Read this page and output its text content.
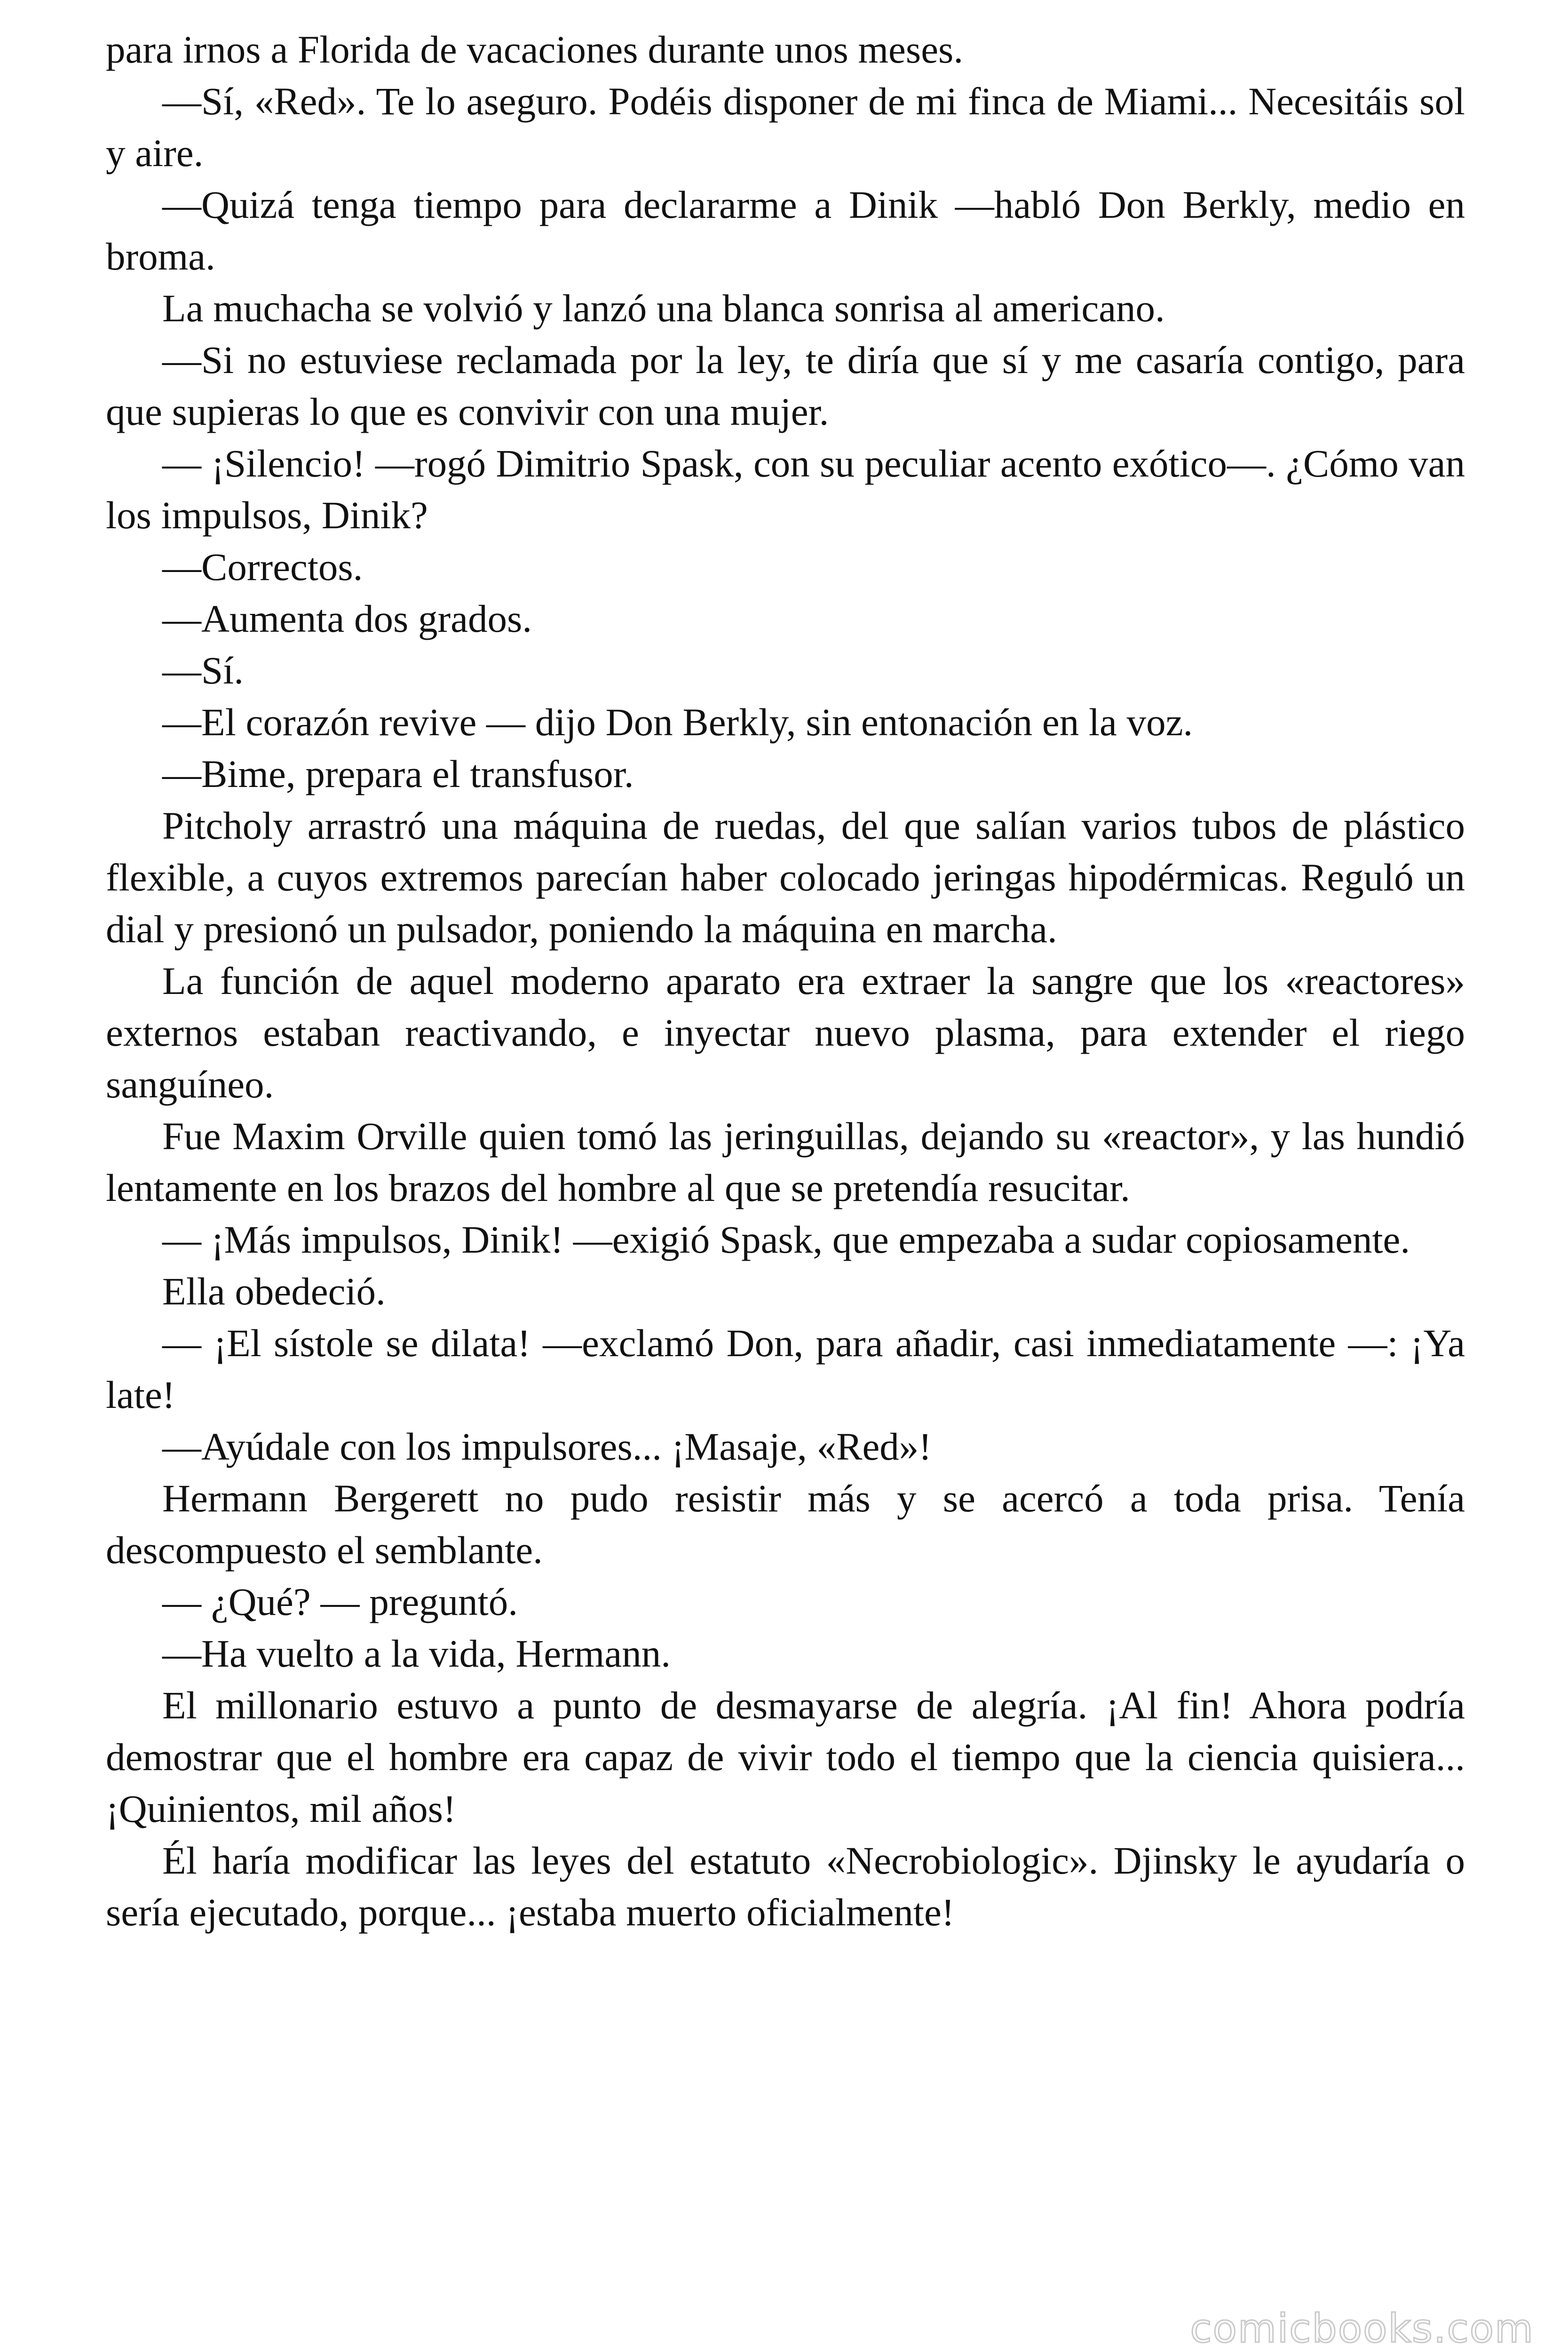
para irnos a Florida de vacaciones durante unos meses.

—Sí, «Red». Te lo aseguro. Podéis disponer de mi finca de Miami... Necesitáis sol y aire.

—Quizá tenga tiempo para declararme a Dinik —habló Don Berkly, medio en broma.

La muchacha se volvió y lanzó una blanca sonrisa al americano.

—Si no estuviese reclamada por la ley, te diría que sí y me casaría contigo, para que supieras lo que es convivir con una mujer.

— ¡Silencio! —rogó Dimitrio Spask, con su peculiar acento exótico—. ¿Cómo van los impulsos, Dinik?

—Correctos.

—Aumenta dos grados.

—Sí.

—El corazón revive — dijo Don Berkly, sin entonación en la voz.

—Bime, prepara el transfusor.

Pitcholy arrastró una máquina de ruedas, del que salían varios tubos de plástico flexible, a cuyos extremos parecían haber colocado jeringas hipodérmicas. Reguló un dial y presionó un pulsador, poniendo la máquina en marcha.

La función de aquel moderno aparato era extraer la sangre que los «reactores» externos estaban reactivando, e inyectar nuevo plasma, para extender el riego sanguíneo.

Fue Maxim Orville quien tomó las jeringuillas, dejando su «reactor», y las hundió lentamente en los brazos del hombre al que se pretendía resucitar.

— ¡Más impulsos, Dinik! —exigió Spask, que empezaba a sudar copiosamente.

Ella obedeció.

— ¡El sístole se dilata! —exclamó Don, para añadir, casi inmediatamente —: ¡Ya late!

—Ayúdale con los impulsores... ¡Masaje, «Red»!

Hermann Bergerett no pudo resistir más y se acercó a toda prisa. Tenía descompuesto el semblante.

— ¿Qué? — preguntó.

—Ha vuelto a la vida, Hermann.

El millonario estuvo a punto de desmayarse de alegría. ¡Al fin! Ahora podría demostrar que el hombre era capaz de vivir todo el tiempo que la ciencia quisiera... ¡Quinientos, mil años!

Él haría modificar las leyes del estatuto «Necrobiologic». Djinsky le ayudaría o sería ejecutado, porque... ¡estaba muerto oficialmente!

comicbooks.com
